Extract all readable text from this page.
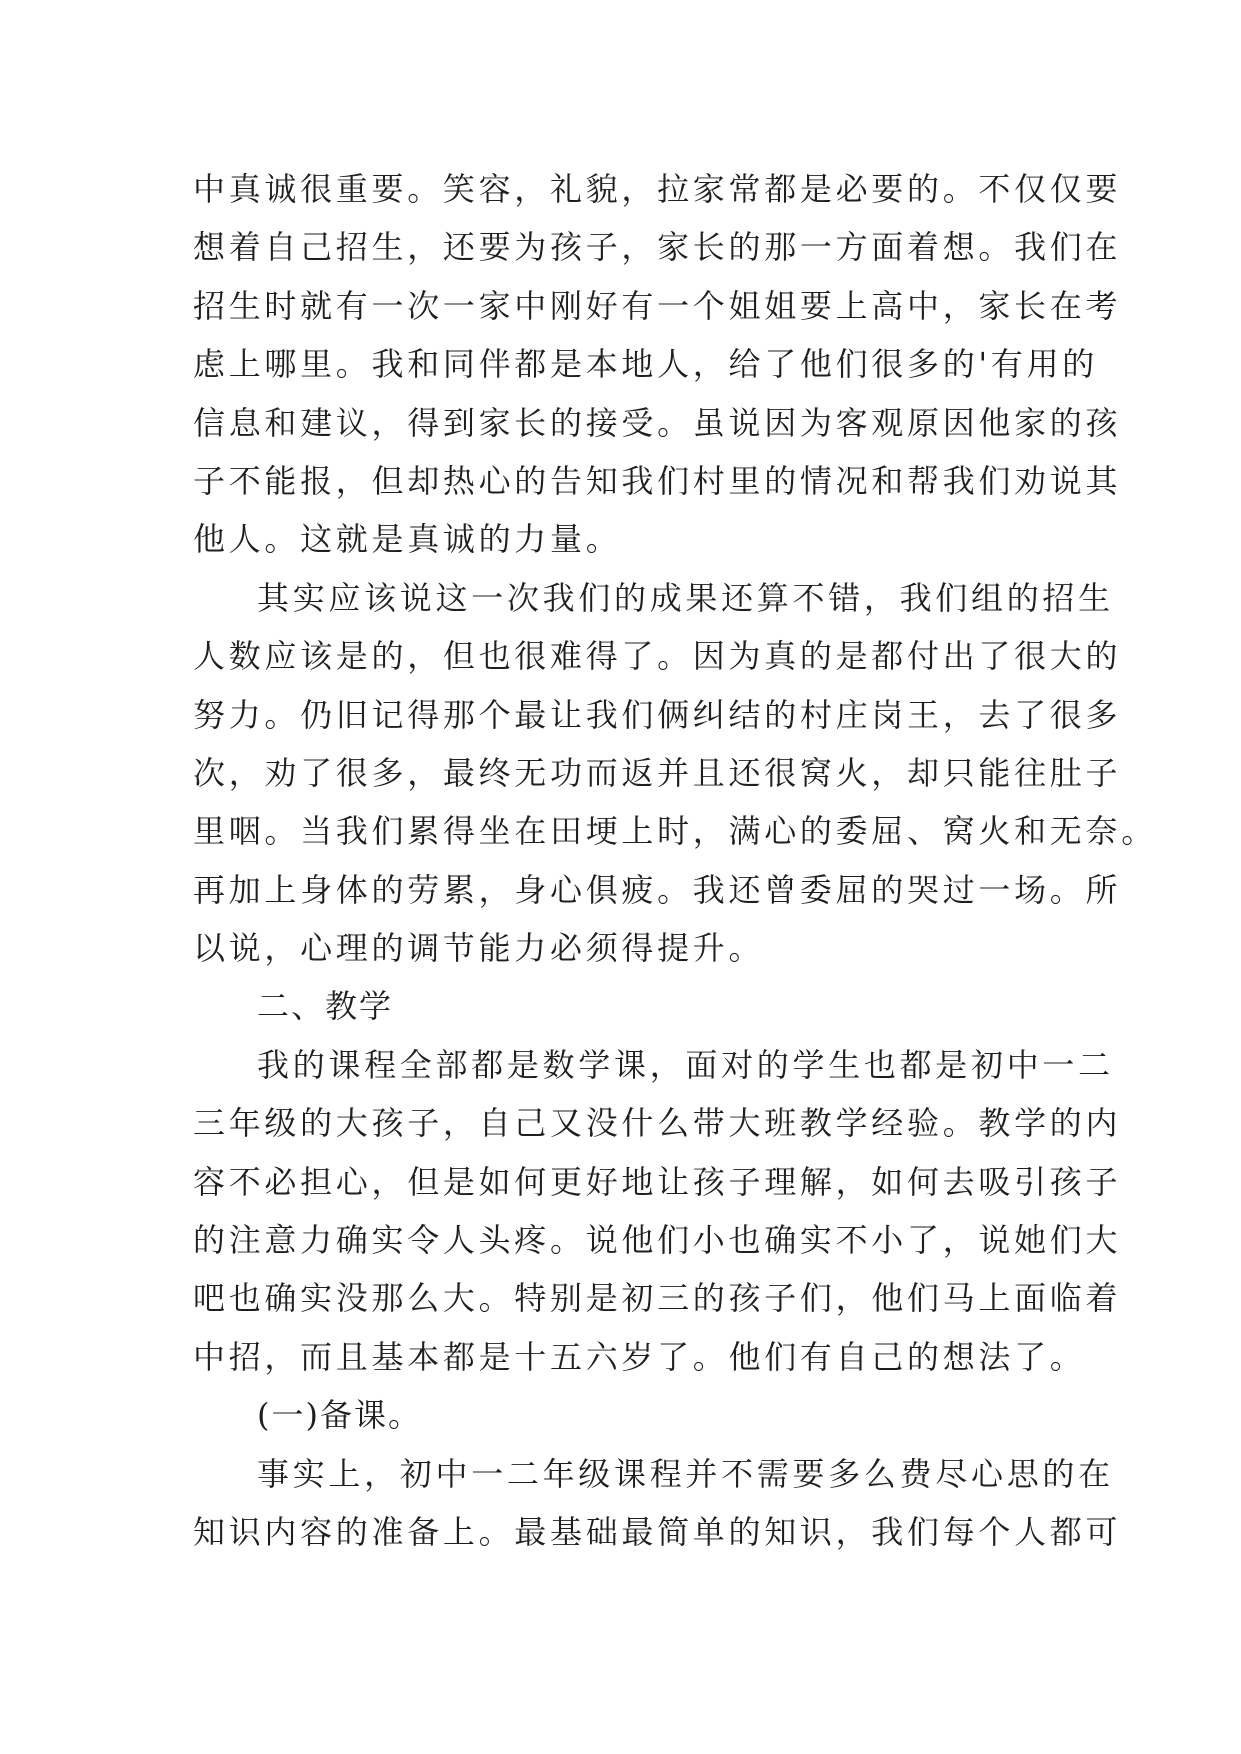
中真诚很重要。笑容，礼貌，拉家常都是必要的。不仅仅要
想着自己招生，还要为孩子，家长的那一方面着想。我们在
招生时就有一次一家中刚好有一个姐姐要上高中，家长在考
虑上哪里。我和同伴都是本地人，给了他们很多的'有用的
信息和建议，得到家长的接受。虽说因为客观原因他家的孩
子不能报，但却热心的告知我们村里的情况和帮我们劝说其
他人。这就是真诚的力量。
其实应该说这一次我们的成果还算不错，我们组的招生
人数应该是的，但也很难得了。因为真的是都付出了很大的
努力。仍旧记得那个最让我们俩纠结的村庄岗王，去了很多
次，劝了很多，最终无功而返并且还很窝火，却只能往肚子
里咽。当我们累得坐在田埂上时，满心的委屈、窝火和无奈。
再加上身体的劳累，身心俱疲。我还曾委屈的哭过一场。所
以说，心理的调节能力必须得提升。
二、教学
我的课程全部都是数学课，面对的学生也都是初中一二
三年级的大孩子，自己又没什么带大班教学经验。教学的内
容不必担心，但是如何更好地让孩子理解，如何去吸引孩子
的注意力确实令人头疼。说他们小也确实不小了，说她们大
吧也确实没那么大。特别是初三的孩子们，他们马上面临着
中招，而且基本都是十五六岁了。他们有自己的想法了。
(一)备课。
事实上，初中一二年级课程并不需要多么费尽心思的在
知识内容的准备上。最基础最简单的知识，我们每个人都可
